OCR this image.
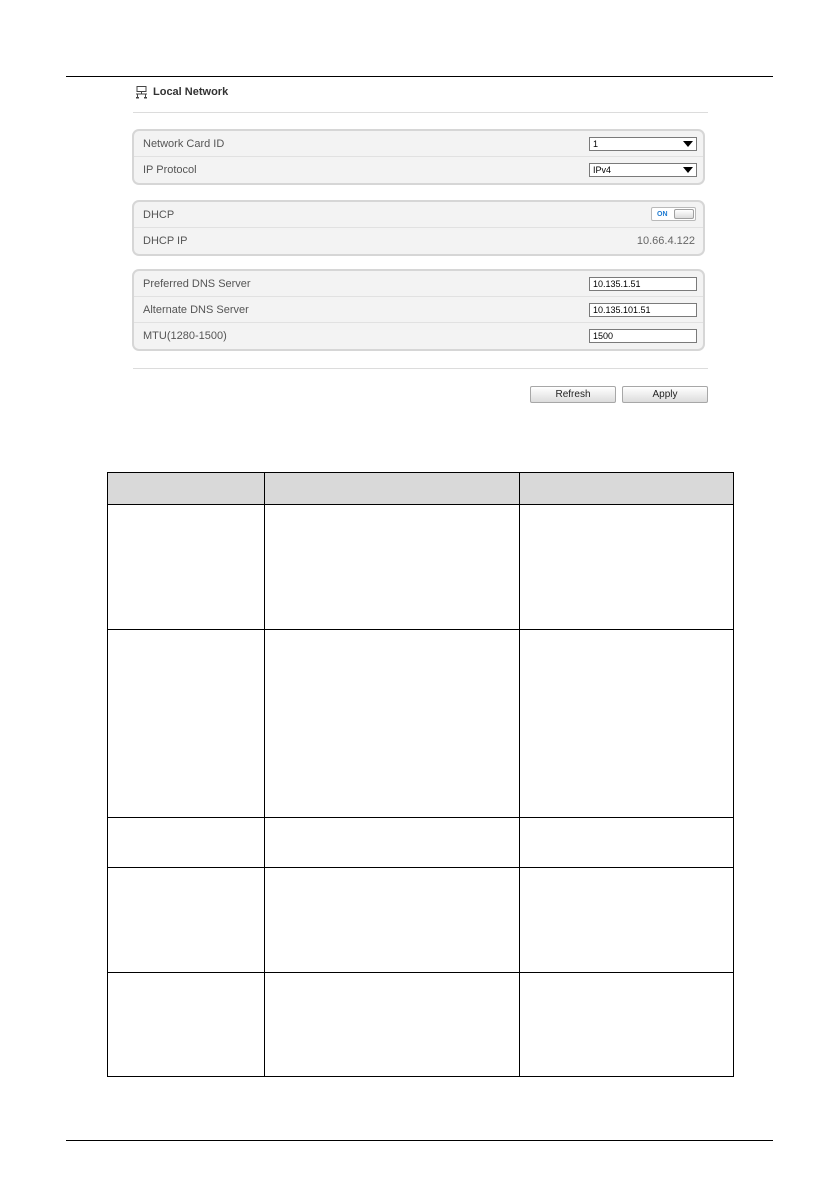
Local Network
Network Card ID	1
IP Protocol	IPv4
DHCP	ON
DHCP IP	10.66.4.122
Preferred DNS Server	10.135.1.51
Alternate DNS Server	10.135.101.51
MTU(1280-1500)	1500
Refresh	Apply
